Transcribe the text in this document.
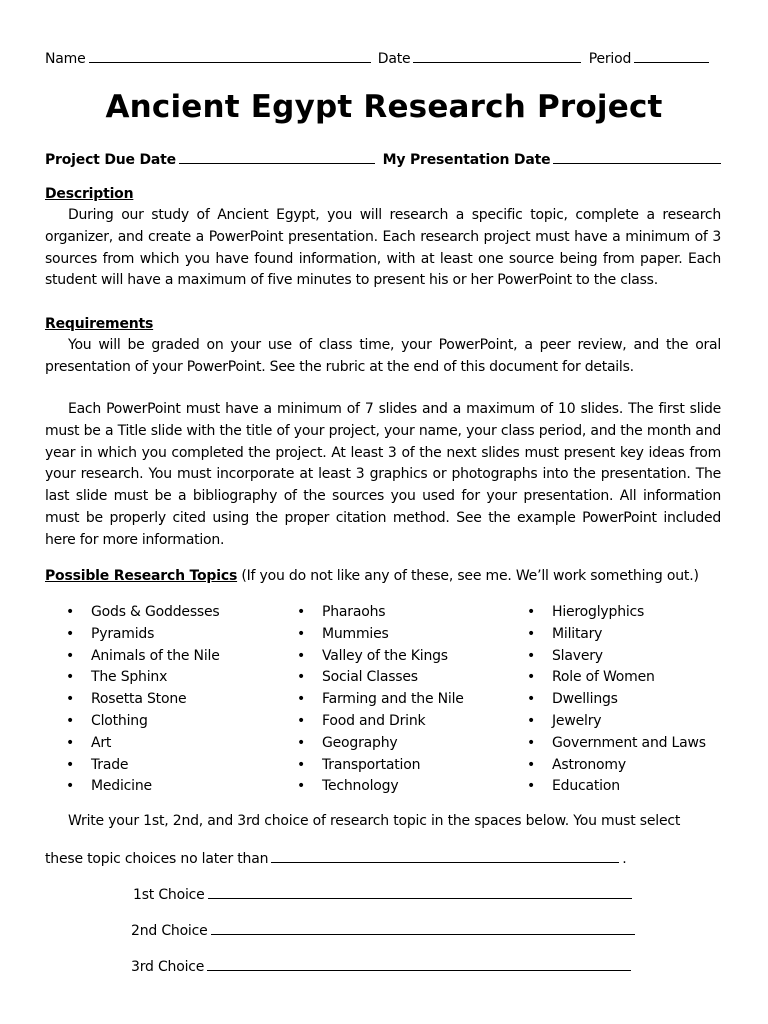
Name	Date	Period
Ancient Egypt Research Project
Project Due Date	My Presentation Date
Description
During our study of Ancient Egypt, you will research a specific topic, complete a research organizer, and create a PowerPoint presentation. Each research project must have a minimum of 3 sources from which you have found information, with at least one source being from paper. Each student will have a maximum of five minutes to present his or her PowerPoint to the class.
Requirements
You will be graded on your use of class time, your PowerPoint, a peer review, and the oral presentation of your PowerPoint. See the rubric at the end of this document for details.
Each PowerPoint must have a minimum of 7 slides and a maximum of 10 slides. The first slide must be a Title slide with the title of your project, your name, your class period, and the month and year in which you completed the project. At least 3 of the next slides must present key ideas from your research. You must incorporate at least 3 graphics or photographs into the presentation. The last slide must be a bibliography of the sources you used for your presentation. All information must be properly cited using the proper citation method. See the example PowerPoint included here for more information.
Possible Research Topics (If you do not like any of these, see me. We’ll work something out.)
• Gods & Goddesses
• Pyramids
• Animals of the Nile
• The Sphinx
• Rosetta Stone
• Clothing
• Art
• Trade
• Medicine
• Pharaohs
• Mummies
• Valley of the Kings
• Social Classes
• Farming and the Nile
• Food and Drink
• Geography
• Transportation
• Technology
• Hieroglyphics
• Military
• Slavery
• Role of Women
• Dwellings
• Jewelry
• Government and Laws
• Astronomy
• Education
Write your 1st, 2nd, and 3rd choice of research topic in the spaces below. You must select
these topic choices no later than	.
1st Choice
2nd Choice
3rd Choice
